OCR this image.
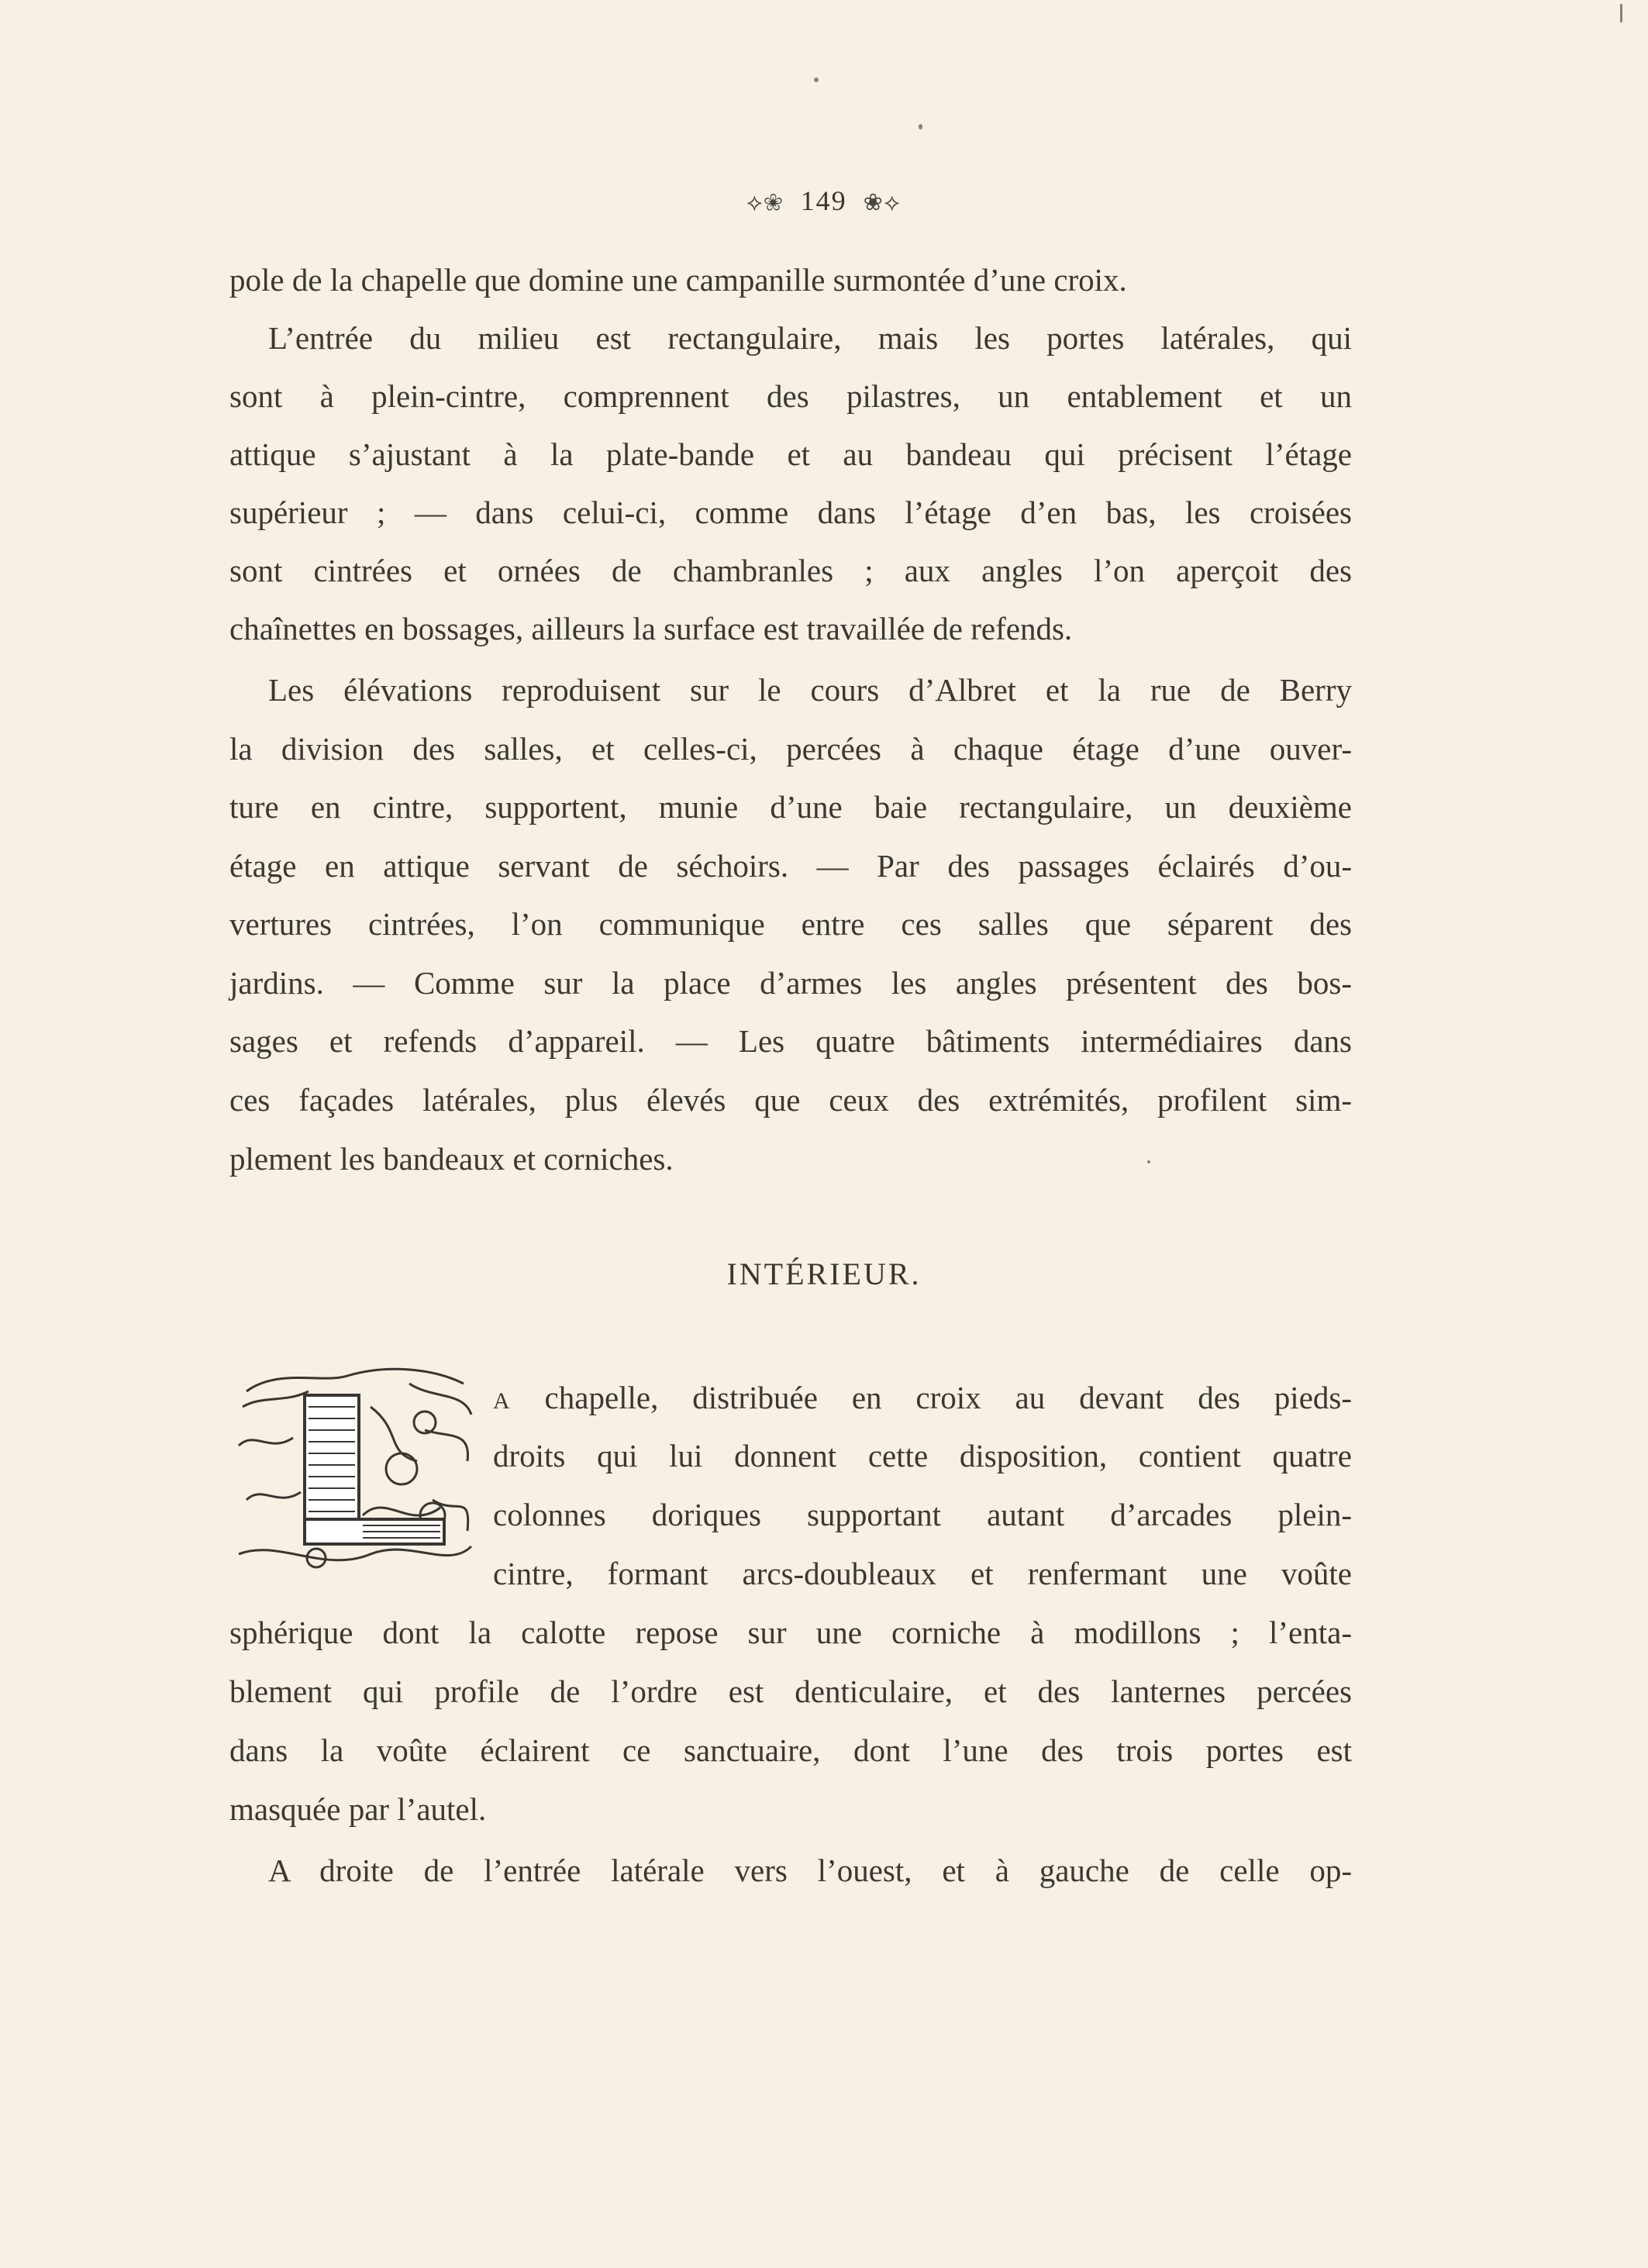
⟡❀ 149 ❀⟡
pole de la chapelle que domine une campanille surmontée d’une croix.
L’entrée du milieu est rectangulaire, mais les portes latérales, qui
sont à plein-cintre, comprennent des pilastres, un entablement et un
attique s’ajustant à la plate-bande et au bandeau qui précisent l’étage
supérieur ; — dans celui-ci, comme dans l’étage d’en bas, les croisées
sont cintrées et ornées de chambranles ; aux angles l’on aperçoit des
chaînettes en bossages, ailleurs la surface est travaillée de refends.
Les élévations reproduisent sur le cours d’Albret et la rue de Berry
la division des salles, et celles-ci, percées à chaque étage d’une ouver-
ture en cintre, supportent, munie d’une baie rectangulaire, un deuxième
étage en attique servant de séchoirs. — Par des passages éclairés d’ou-
vertures cintrées, l’on communique entre ces salles que séparent des
jardins. — Comme sur la place d’armes les angles présentent des bos-
sages et refends d’appareil. — Les quatre bâtiments intermédiaires dans
ces façades latérales, plus élevés que ceux des extrémités, profilent sim-
plement les bandeaux et corniches.
INTÉRIEUR.
L
A chapelle, distribuée en croix au devant des pieds-
droits qui lui donnent cette disposition, contient quatre
colonnes doriques supportant autant d’arcades plein-
cintre, formant arcs-doubleaux et renfermant une voûte
sphérique dont la calotte repose sur une corniche à modillons ; l’enta-
blement qui profile de l’ordre est denticulaire, et des lanternes percées
dans la voûte éclairent ce sanctuaire, dont l’une des trois portes est
masquée par l’autel.
A droite de l’entrée latérale vers l’ouest, et à gauche de celle op-
